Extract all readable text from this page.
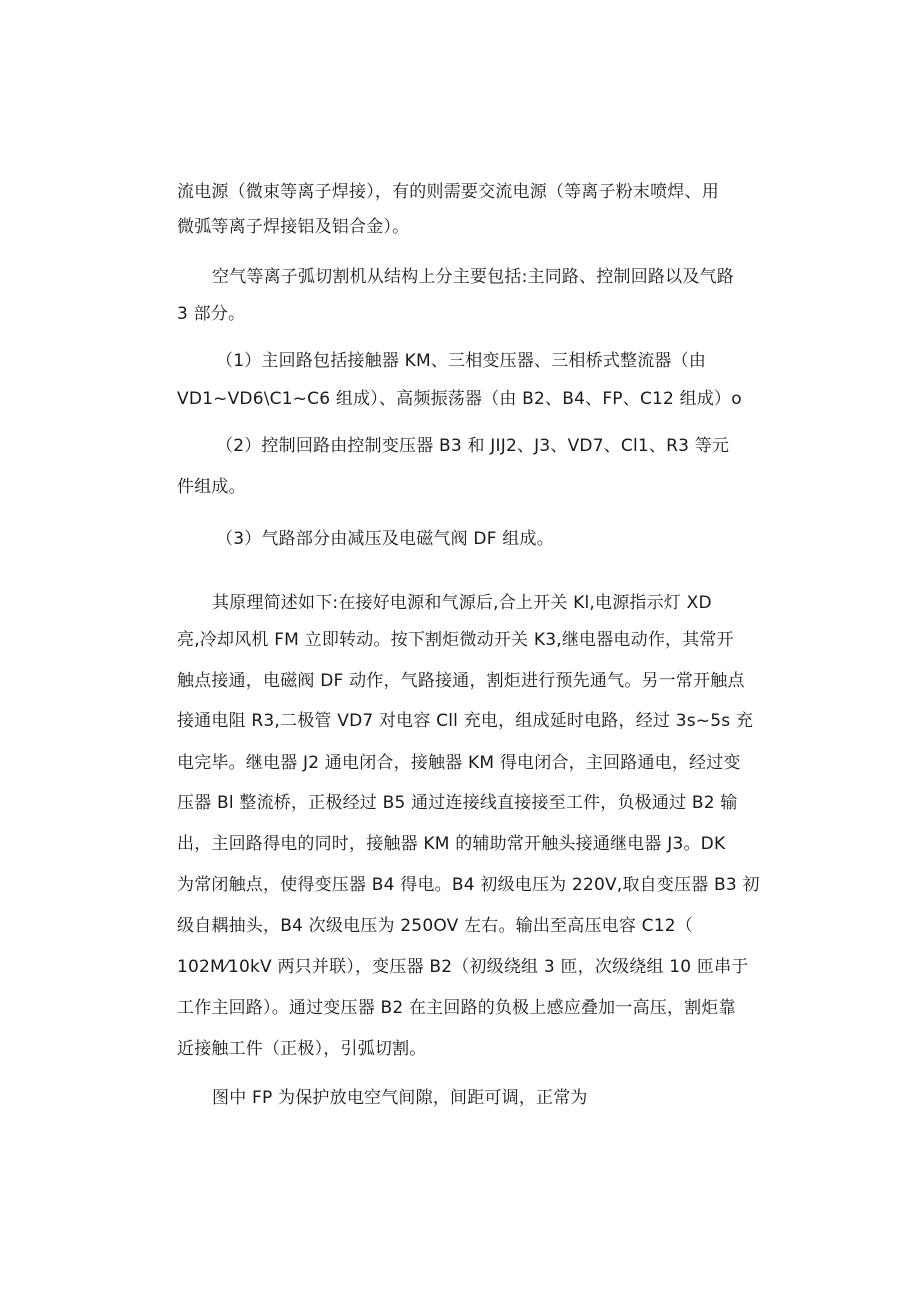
流电源（微束等离子焊接），有的则需要交流电源（等离子粉末喷焊、用
微弧等离子焊接铝及铝合金）。
空气等离子弧切割机从结构上分主要包括:主同路、控制回路以及气路
3 部分。
（1）主回路包括接触器 KM、三相变压器、三相桥式整流器（由
VD1~VD6\C1~C6 组成）、高频振荡器（由 B2、B4、FP、C12 组成）o
（2）控制回路由控制变压器 B3 和 JIJ2、J3、VD7、Cl1、R3 等元
件组成。
（3）气路部分由减压及电磁气阀 DF 组成。
其原理简述如下:在接好电源和气源后,合上开关 Kl,电源指示灯 XD
亮,冷却风机 FM 立即转动。按下割炬微动开关 K3,继电器电动作，其常开
触点接通，电磁阀 DF 动作，气路接通，割炬进行预先通气。另一常开触点
接通电阻 R3,二极管 VD7 对电容 Cll 充电，组成延时电路，经过 3s~5s 充
电完毕。继电器 J2 通电闭合，接触器 KM 得电闭合，主回路通电，经过变
压器 Bl 整流桥，正极经过 B5 通过连接线直接接至工件，负极通过 B2 输
出，主回路得电的同时，接触器 KM 的辅助常开触头接通继电器 J3。DK
为常闭触点，使得变压器 B4 得电。B4 初级电压为 220V,取自变压器 B3 初
级自耦抽头，B4 次级电压为 250OV 左右。输出至高压电容 C12（
102M⁄10kV 两只并联），变压器 B2（初级绕组 3 匝，次级绕组 10 匝串于
工作主回路）。通过变压器 B2 在主回路的负极上感应叠加一高压，割炬靠
近接触工件（正极），引弧切割。
图中 FP 为保护放电空气间隙，间距可调，正常为
